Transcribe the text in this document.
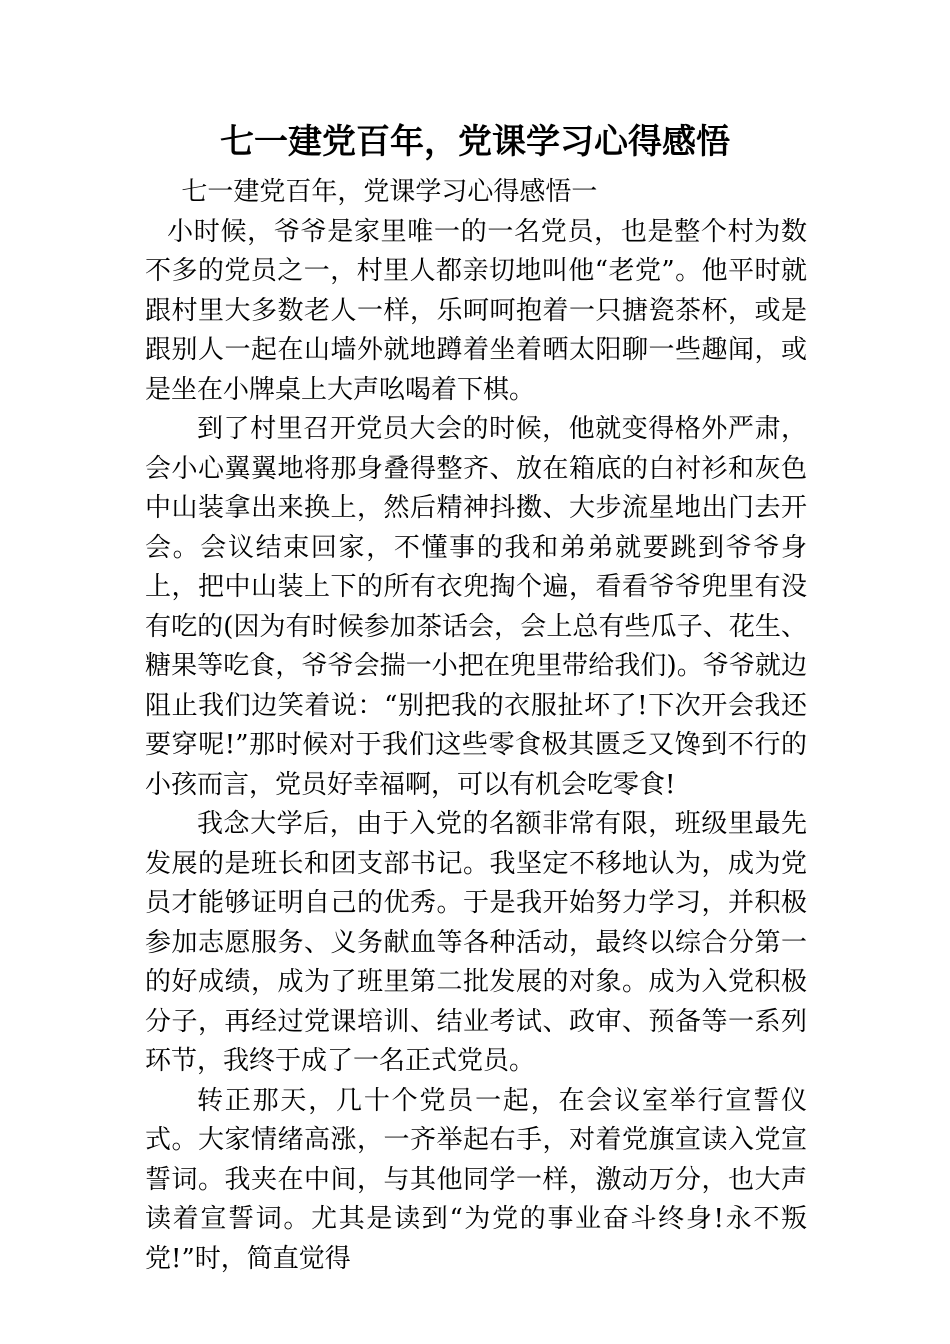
七一建党百年，党课学习心得感悟

七一建党百年，党课学习心得感悟一

小时候，爷爷是家里唯一的一名党员，也是整个村为数不多的党员之一，村里人都亲切地叫他“老党”。他平时就跟村里大多数老人一样，乐呵呵抱着一只搪瓷茶杯，或是跟别人一起在山墙外就地蹲着坐着晒太阳聊一些趣闻，或是坐在小牌桌上大声吆喝着下棋。

到了村里召开党员大会的时候，他就变得格外严肃，会小心翼翼地将那身叠得整齐、放在箱底的白衬衫和灰色中山装拿出来换上，然后精神抖擞、大步流星地出门去开会。会议结束回家，不懂事的我和弟弟就要跳到爷爷身上，把中山装上下的所有衣兜掏个遍，看看爷爷兜里有没有吃的(因为有时候参加茶话会，会上总有些瓜子、花生、糖果等吃食，爷爷会揣一小把在兜里带给我们)。爷爷就边阻止我们边笑着说：“别把我的衣服扯坏了!下次开会我还要穿呢!”那时候对于我们这些零食极其匮乏又馋到不行的小孩而言，党员好幸福啊，可以有机会吃零食!

我念大学后，由于入党的名额非常有限，班级里最先发展的是班长和团支部书记。我坚定不移地认为，成为党员才能够证明自己的优秀。于是我开始努力学习，并积极参加志愿服务、义务献血等各种活动，最终以综合分第一的好成绩，成为了班里第二批发展的对象。成为入党积极分子，再经过党课培训、结业考试、政审、预备等一系列环节，我终于成了一名正式党员。

转正那天，几十个党员一起，在会议室举行宣誓仪式。大家情绪高涨，一齐举起右手，对着党旗宣读入党宣誓词。我夹在中间，与其他同学一样，激动万分，也大声读着宣誓词。尤其是读到“为党的事业奋斗终身!永不叛党!”时，简直觉得
